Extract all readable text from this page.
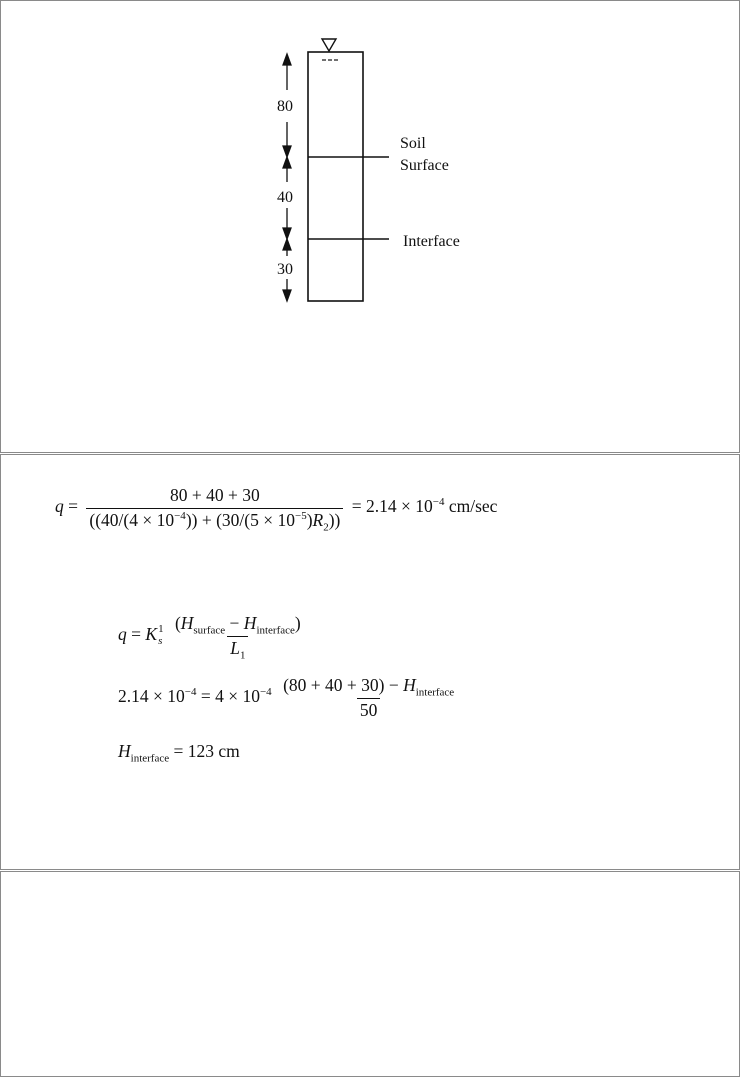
80
40
30
Soil
Surface
Interface
$q = \frac{80 + 40 + 30}{((40/(4 \times 10^{-4})) + (30/(5 \times 10^{-5})R_2))} = 2.14 \times 10^{-4}$ cm/sec
q = K 1
s
$\frac{(H_{surface} - H_{interface})}{L_1}$
$2.14 \times 10^{-4} = 4 \times 10^{-4} \frac{(80 + 40 + 30) - H_{interface}}{50}$
$H_{interface} = 123$ cm
